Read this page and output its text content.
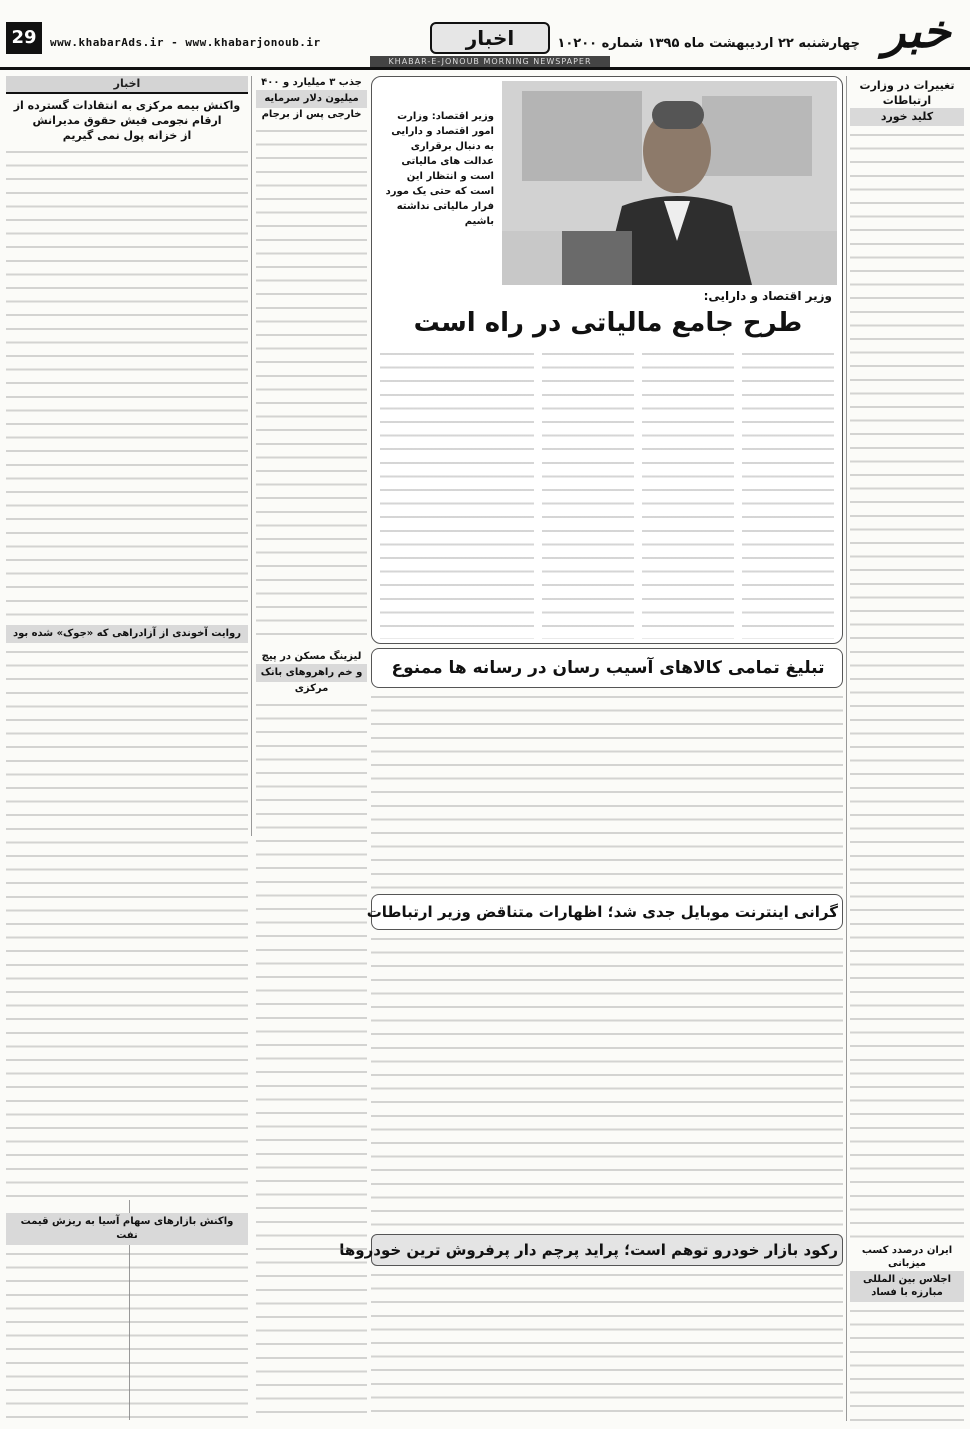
خبر
چهارشنبه ۲۲ اردیبهشت ماه ۱۳۹۵ شماره ۱۰۲۰۰
اخبار
www.khabarAds.ir - www.khabarjonoub.ir
29
KHABAR-E-JONOUB MORNING NEWSPAPER
تغییرات در وزارت ارتباطات
کلید خورد
ایران درصدد کسب میزبانی
اجلاس بین المللی مبارزه با فساد
وزیر اقتصاد: وزارت امور اقتصاد و دارایی به دنبال برقراری عدالت های مالیاتی است و انتظار این است که حتی یک مورد فرار مالیاتی نداشته باشیم
وزیر اقتصاد و دارایی:
طرح جامع مالیاتی در راه است
تبلیغ تمامی کالاهای آسیب رسان در رسانه ها ممنوع
گرانی اینترنت موبایل جدی شد؛ اظهارات متناقض وزیر ارتباطات
رکود بازار خودرو توهم است؛ پراید پرچم دار پرفروش ترین خودروها
جذب ۳ میلیارد و ۴۰۰
میلیون دلار سرمایه
خارجی پس از برجام
لیزینگ مسکن در پیچ
و خم راهروهای بانک
مرکزی
اخبار
واکنش بیمه مرکزی به انتقادات گسترده از
ارقام نجومی فیش حقوق مدیرانش
از خزانه پول نمی گیریم
روایت آخوندی از آزادراهی که «جوک» شده بود
واکنش بازارهای سهام آسیا به ریزش قیمت نفت
